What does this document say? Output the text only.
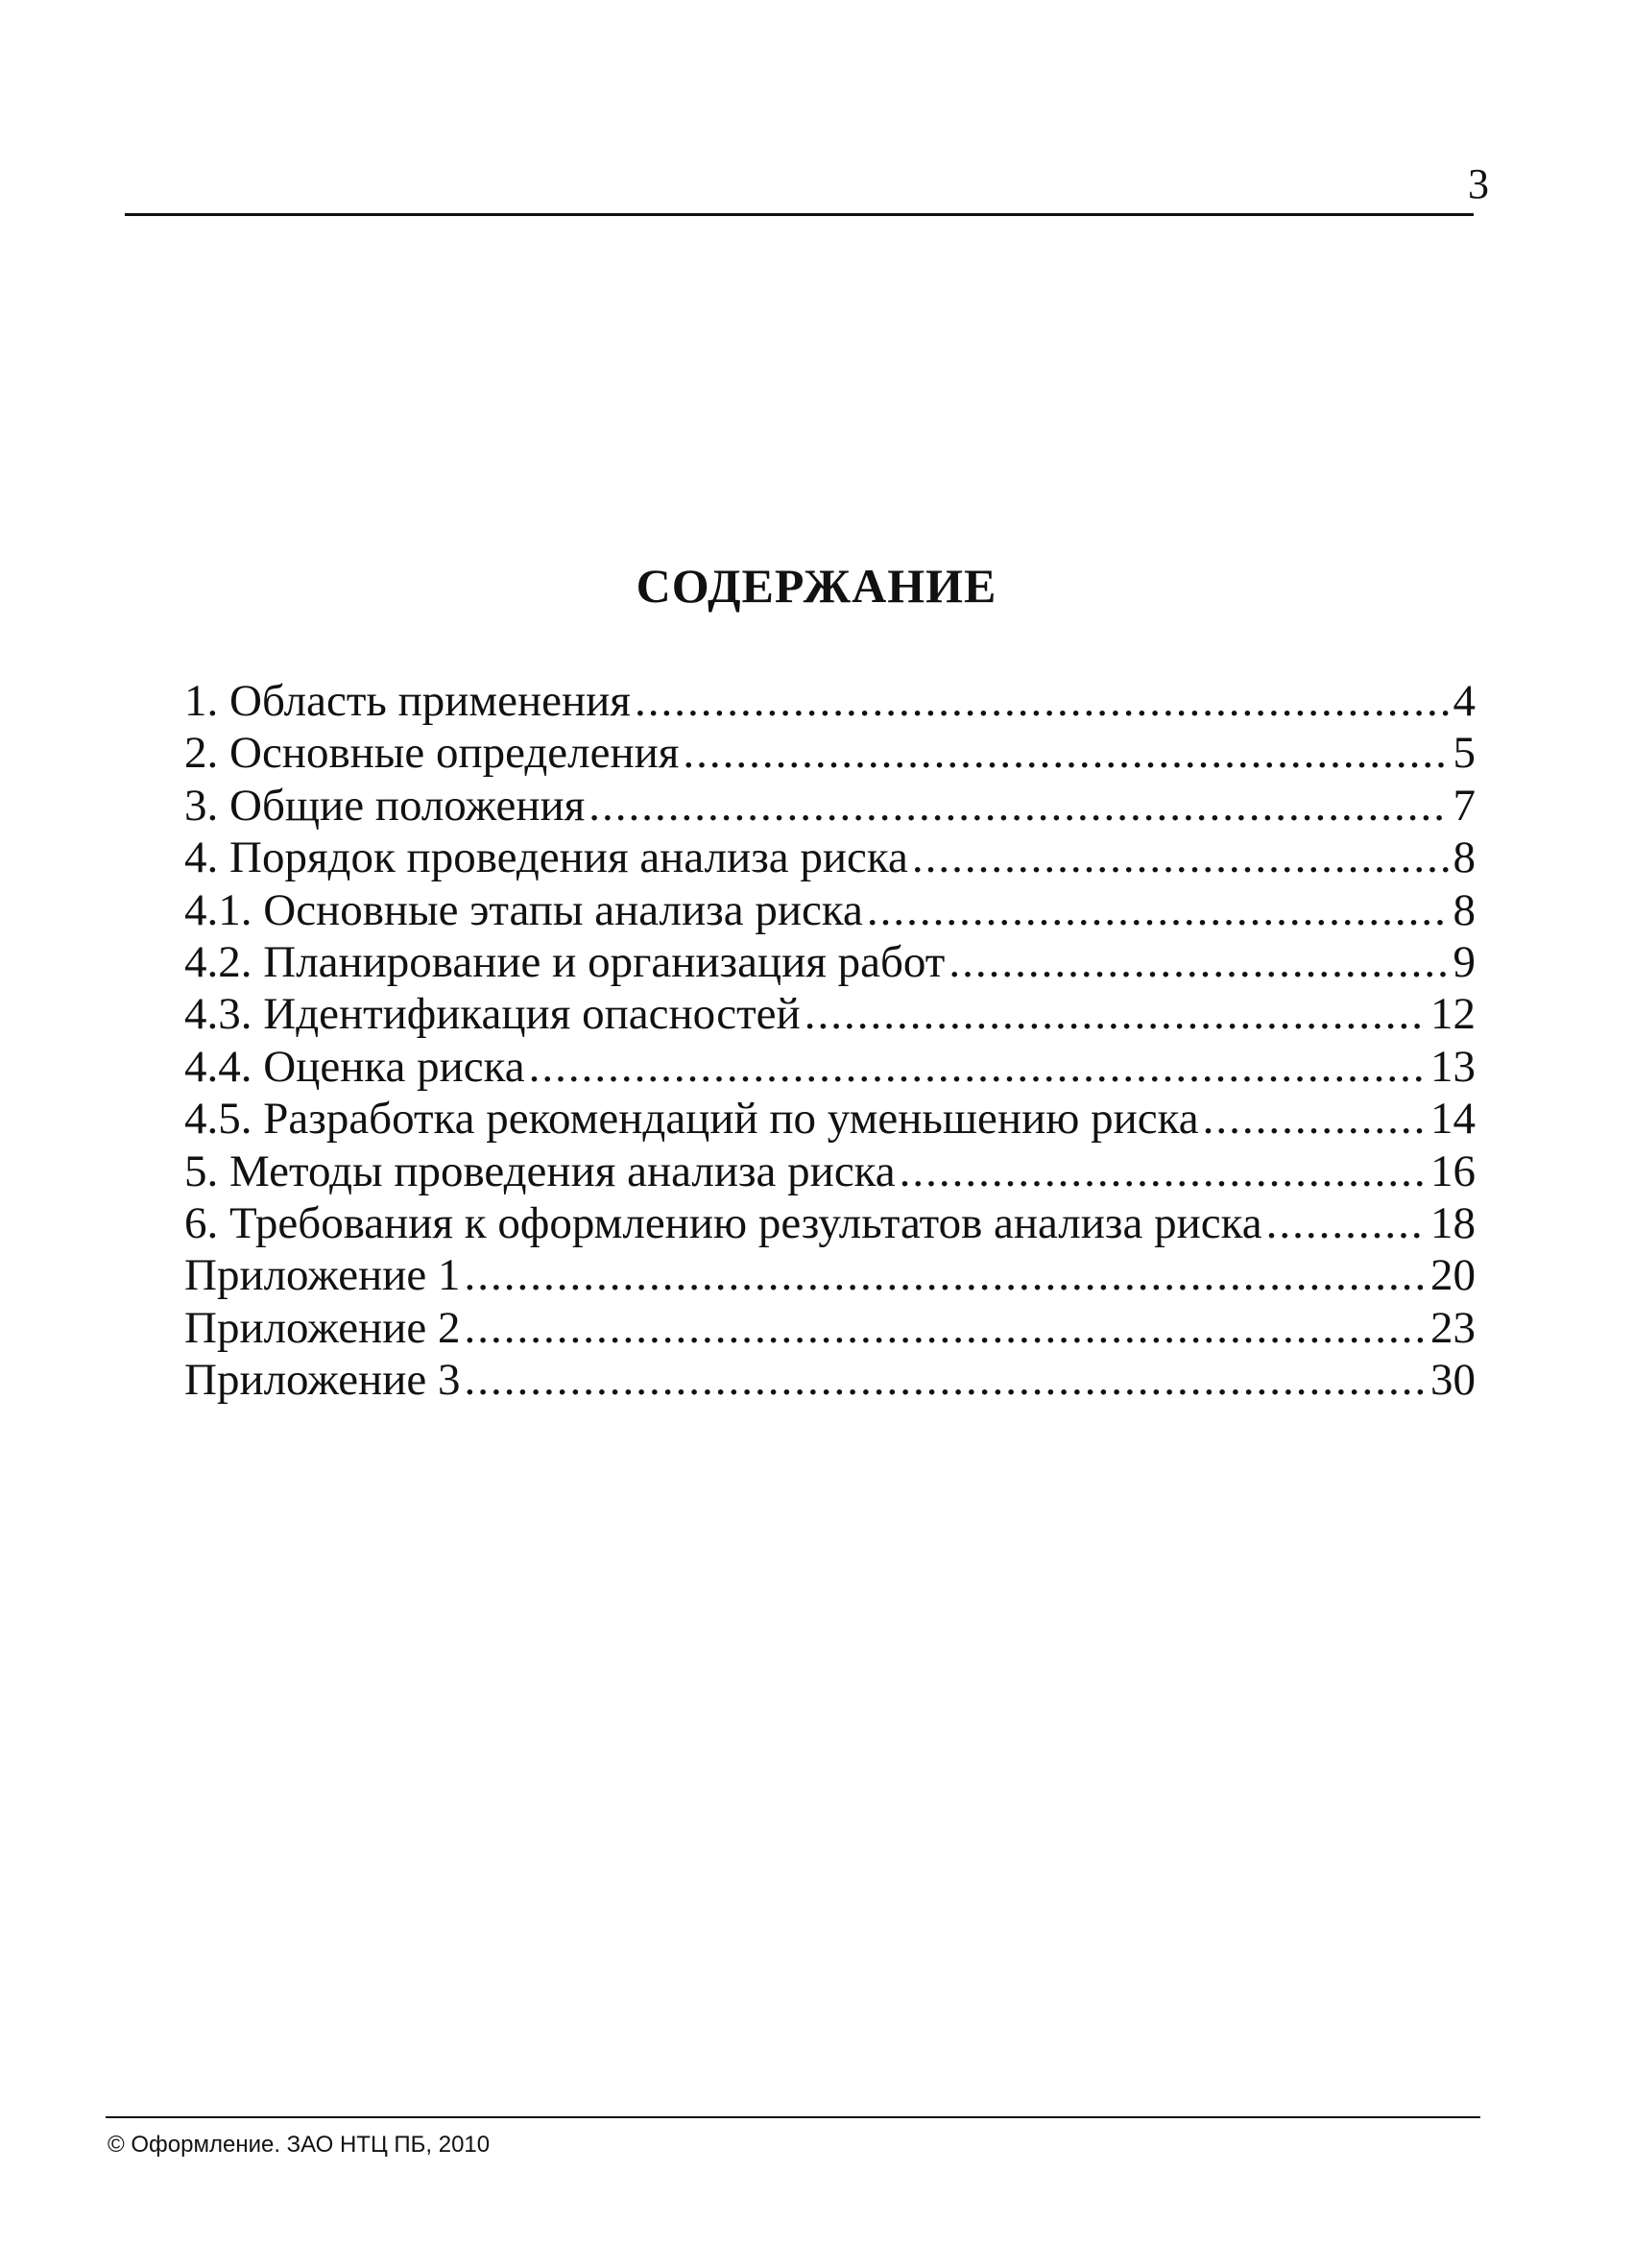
3
СОДЕРЖАНИЕ
1. Область применения .....	4
2. Основные определения .....	5
3. Общие положения .....	7
4. Порядок проведения анализа риска .....	8
4.1. Основные этапы анализа риска .....	8
4.2. Планирование и организация работ .....	9
4.3. Идентификация опасностей .....	12
4.4. Оценка риска .....	13
4.5. Разработка рекомендаций по уменьшению риска .....	14
5. Методы проведения анализа риска .....	16
6. Требования к оформлению результатов анализа риска .....	18
Приложение 1 .....	20
Приложение 2 .....	23
Приложение 3 .....	30
© Оформление. ЗАО НТЦ ПБ, 2010
